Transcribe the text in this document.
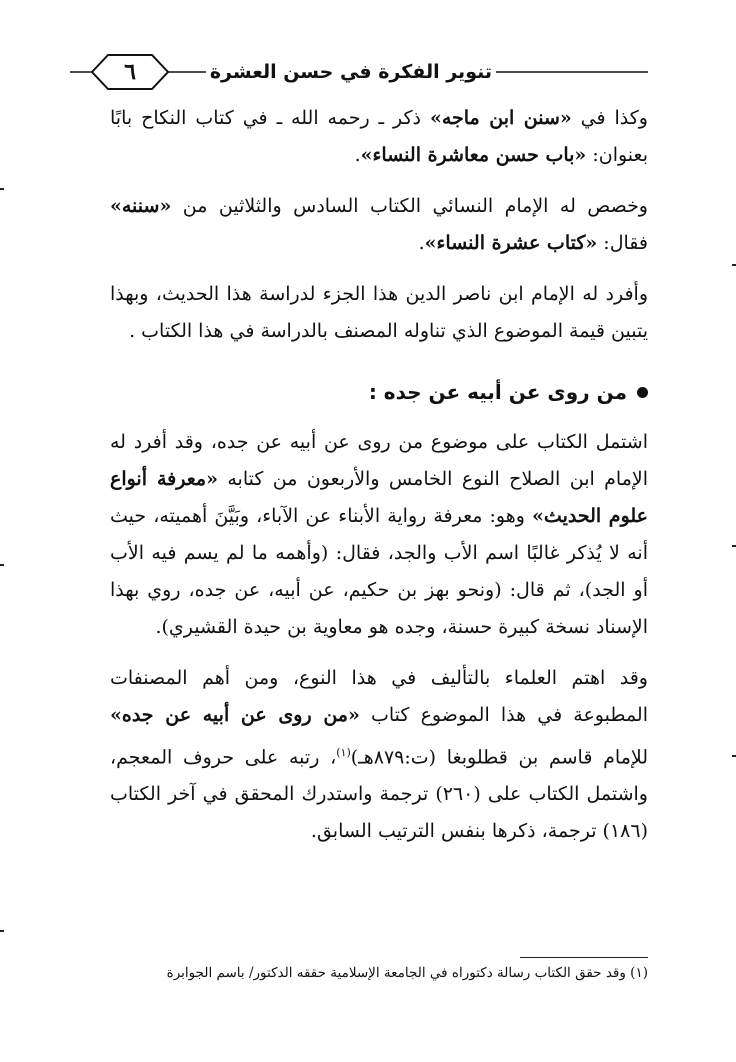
٦	تنوير الفكرة في حسن العشرة

وكذا في «سنن ابن ماجه» ذكر ـ رحمه الله ـ في كتاب النكاح بابًا بعنوان: «باب حسن معاشرة النساء».

وخصص له الإمام النسائي الكتاب السادس والثلاثين من «سننه» فقال: «كتاب عشرة النساء».

وأفرد له الإمام ابن ناصر الدين هذا الجزء لدراسة هذا الحديث، وبهذا يتبين قيمة الموضوع الذي تناوله المصنف بالدراسة في هذا الكتاب .

من روى عن أبيه عن جده :

اشتمل الكتاب على موضوع من روى عن أبيه عن جده، وقد أفرد له الإمام ابن الصلاح النوع الخامس والأربعون من كتابه «معرفة أنواع علوم الحديث» وهو: معرفة رواية الأبناء عن الآباء، وبَيَّنَ أهميته، حيث أنه لا يُذكر غالبًا اسم الأب والجد، فقال: (وأهمه ما لم يسم فيه الأب أو الجد)، ثم قال: (ونحو بهز بن حكيم، عن أبيه، عن جده، روي بهذا الإسناد نسخة كبيرة حسنة، وجده هو معاوية بن حيدة القشيري).

وقد اهتم العلماء بالتأليف في هذا النوع، ومن أهم المصنفات المطبوعة في هذا الموضوع كتاب «من روى عن أبيه عن جده» للإمام قاسم بن قطلوبغا (ت:٨٧٩هـ)$^{(١)}$، رتبه على حروف المعجم، واشتمل الكتاب على (٢٦٠) ترجمة واستدرك المحقق في آخر الكتاب (١٨٦) ترجمة، ذكرها بنفس الترتيب السابق.

(١) وقد حقق الكتاب رسالة دكتوراه في الجامعة الإسلامية حققه الدكتور/ باسم الجوابرة
